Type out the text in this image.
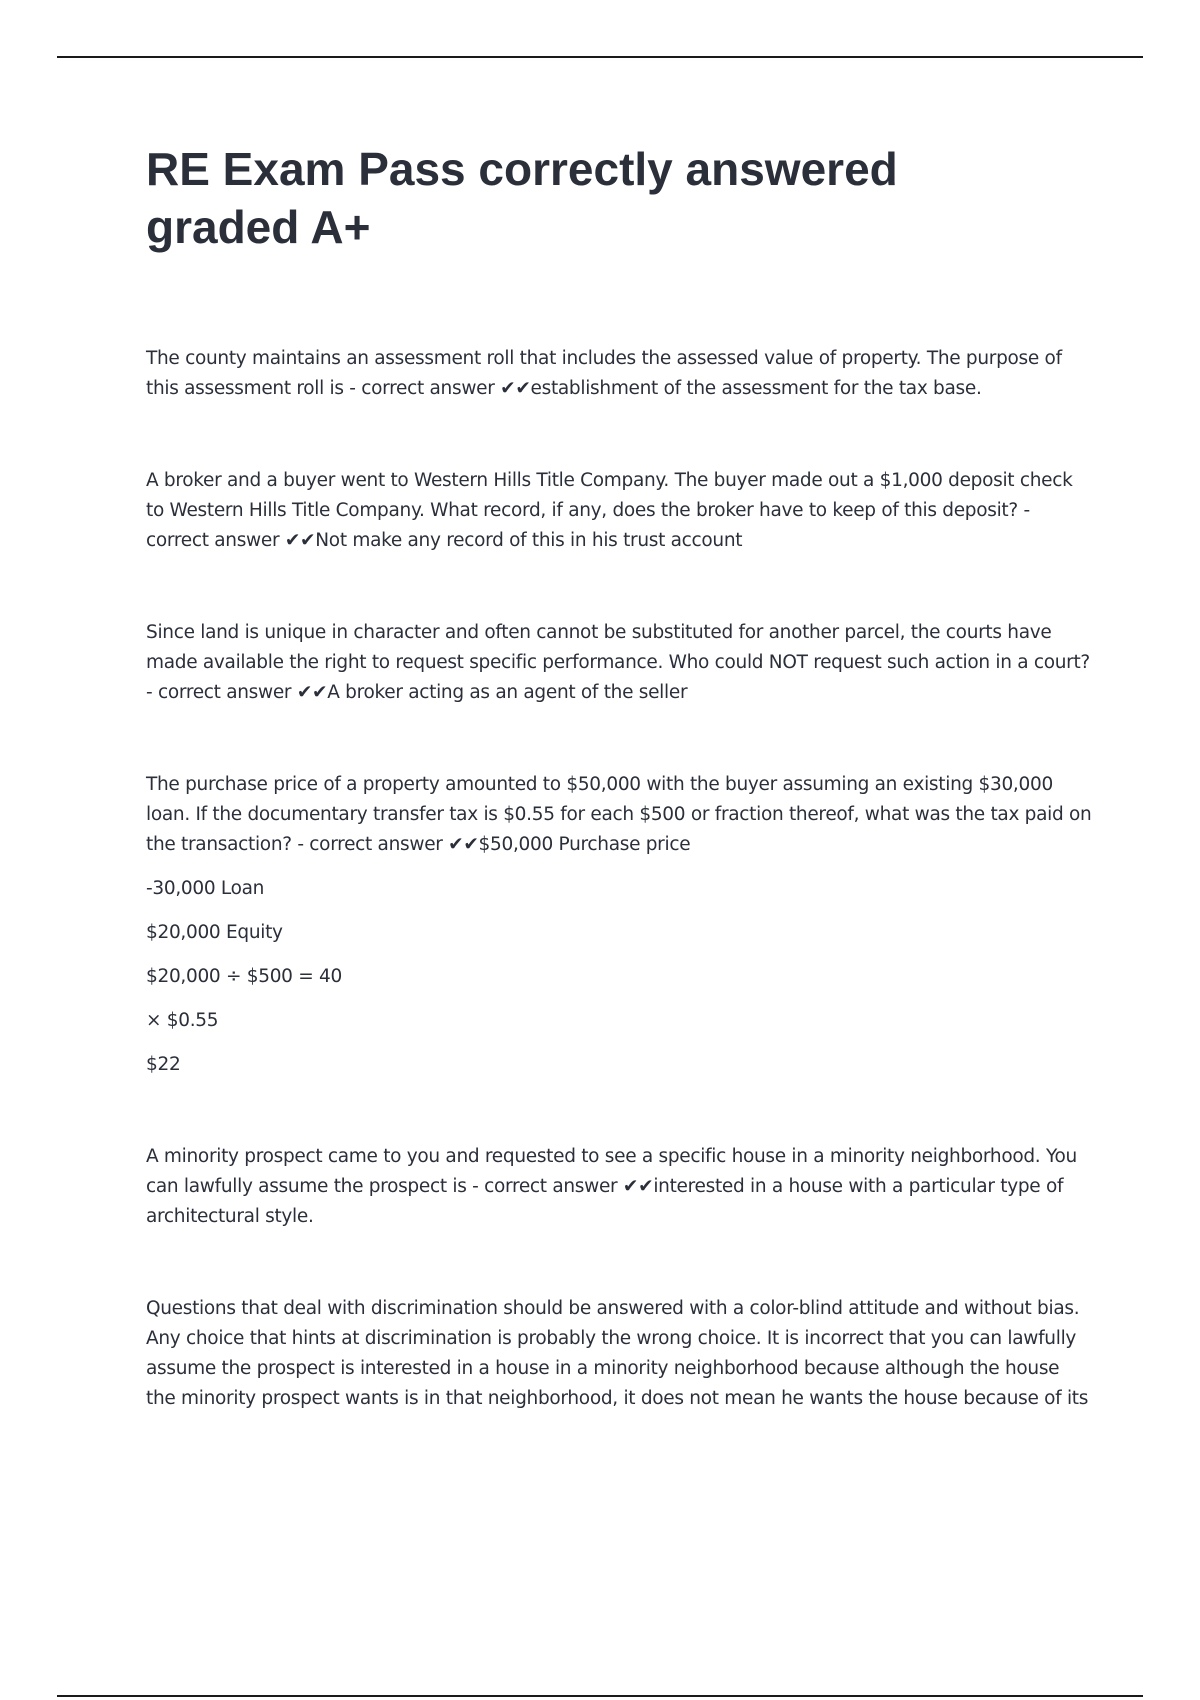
RE Exam Pass correctly answered graded A+

The county maintains an assessment roll that includes the assessed value of property. The purpose of this assessment roll is - correct answer ✔✔establishment of the assessment for the tax base.

A broker and a buyer went to Western Hills Title Company. The buyer made out a $1,000 deposit check to Western Hills Title Company. What record, if any, does the broker have to keep of this deposit? - correct answer ✔✔Not make any record of this in his trust account

Since land is unique in character and often cannot be substituted for another parcel, the courts have made available the right to request specific performance. Who could NOT request such action in a court? - correct answer ✔✔A broker acting as an agent of the seller

The purchase price of a property amounted to $50,000 with the buyer assuming an existing $30,000 loan. If the documentary transfer tax is $0.55 for each $500 or fraction thereof, what was the tax paid on the transaction? - correct answer ✔✔$50,000 Purchase price

-30,000 Loan

$20,000 Equity

$20,000 ÷ $500 = 40

× $0.55

$22

A minority prospect came to you and requested to see a specific house in a minority neighborhood. You can lawfully assume the prospect is - correct answer ✔✔interested in a house with a particular type of architectural style.

Questions that deal with discrimination should be answered with a color-blind attitude and without bias. Any choice that hints at discrimination is probably the wrong choice. It is incorrect that you can lawfully assume the prospect is interested in a house in a minority neighborhood because although the house the minority prospect wants is in that neighborhood, it does not mean he wants the house because of its
